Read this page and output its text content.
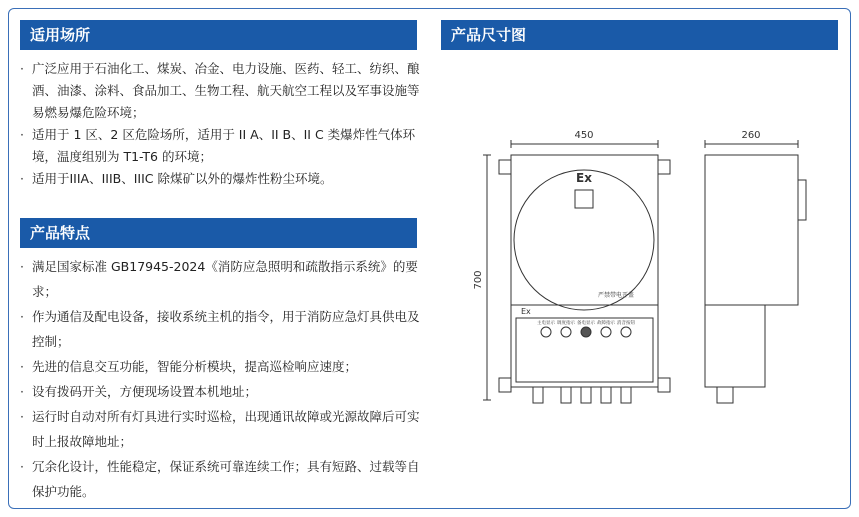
适用场所
· 广泛应用于石油化工、煤炭、冶金、电力设施、医药、轻工、纺织、酿酒、油漆、涂料、食品加工、生物工程、航天航空工程以及军事设施等易燃易爆危险环境；
· 适用于 1 区、2 区危险场所，适用于 II A、II B、II C 类爆炸性气体环境，温度组别为 T1-T6 的环境；
· 适用于IIIA、IIIB、IIIC 除煤矿以外的爆炸性粉尘环境。
产品特点
· 满足国家标准 GB17945-2024《消防应急照明和疏散指示系统》的要求；
· 作为通信及配电设备，接收系统主机的指令，用于消防应急灯具供电及控制；
· 先进的信息交互功能，智能分析模块，提高巡检响应速度；
· 设有拨码开关，方便现场设置本机地址；
· 运行时自动对所有灯具进行实时巡检，出现通讯故障或光源故障后可实时上报故障地址；
· 冗余化设计，性能稳定，保证系统可靠连续工作；具有短路、过载等自保护功能。
产品尺寸图
450	260
700
Ex
Ex
严禁带电开盖
主电显示 调度指示 备电显示 故障指示 消音按钮
